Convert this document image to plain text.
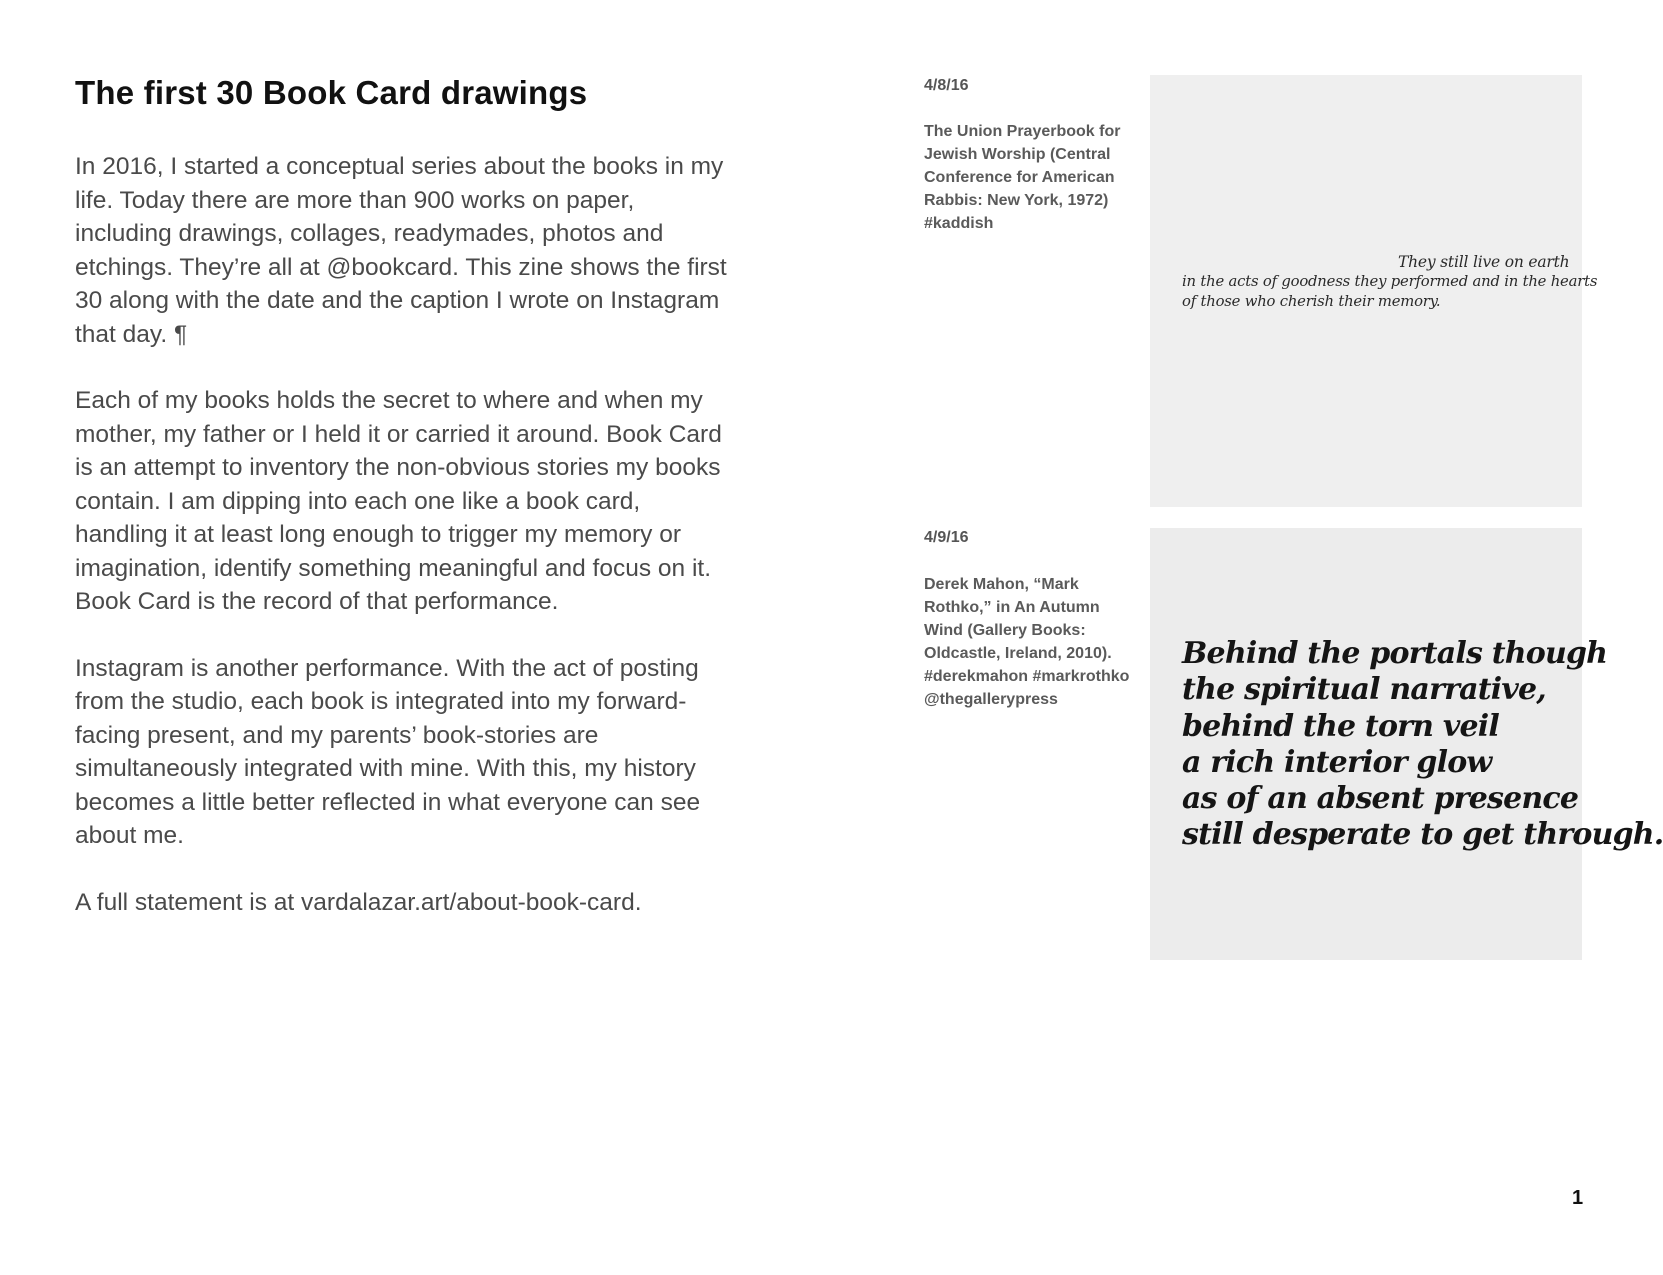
The first 30 Book Card drawings

In 2016, I started a conceptual series about the books in my life. Today there are more than 900 works on paper, including drawings, collages, readymades, photos and etchings. They’re all at @bookcard. This zine shows the first 30 along with the date and the caption I wrote on Instagram that day. ¶

Each of my books holds the secret to where and when my mother, my father or I held it or carried it around. Book Card is an attempt to inventory the non-obvious stories my books contain. I am dipping into each one like a book card, handling it at least long enough to trigger my memory or imagination, identify something meaningful and focus on it. Book Card is the record of that performance.

Instagram is another performance. With the act of posting from the studio, each book is integrated into my forward-facing present, and my parents’ book-stories are simultaneously integrated with mine. With this, my history becomes a little better reflected in what everyone can see about me.

A full statement is at vardalazar.art/about-book-card.

4/8/16

The Union Prayerbook for Jewish Worship (Central Conference for American Rabbis: New York, 1972) #kaddish

They still live on earth

in the acts of goodness they performed and in the hearts

of those who cherish their memory.

4/9/16

Derek Mahon, “Mark Rothko,” in An Autumn Wind (Gallery Books: Oldcastle, Ireland, 2010). #derekmahon #markrothko @thegallerypress

Behind the portals though

the spiritual narrative,

behind the torn veil

a rich interior glow

as of an absent presence

still desperate to get through.

1
